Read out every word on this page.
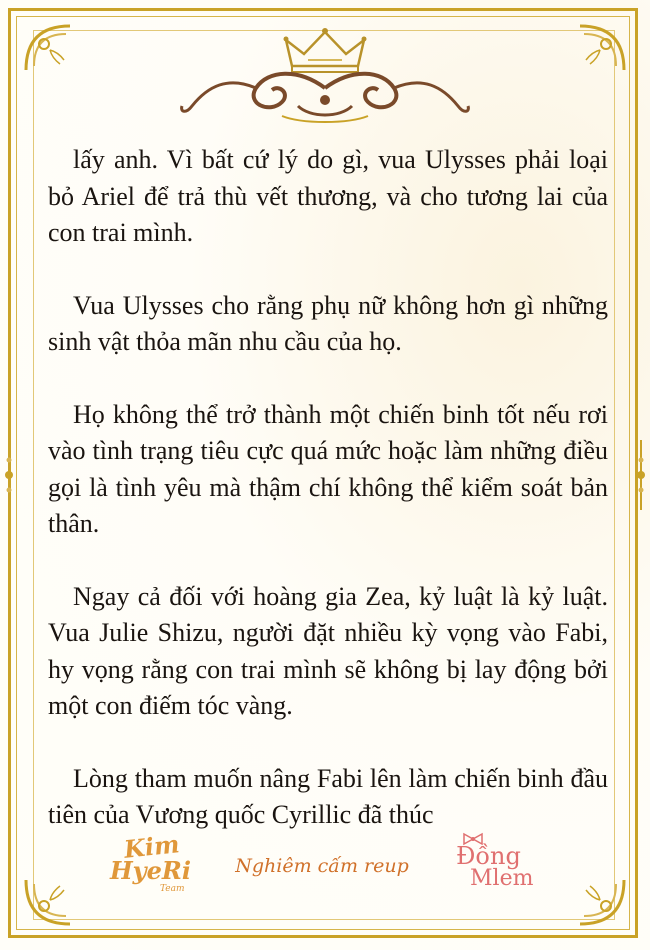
lấy anh. Vì bất cứ lý do gì, vua Ulysses phải loại bỏ Ariel để trả thù vết thương, và cho tương lai của con trai mình.

Vua Ulysses cho rằng phụ nữ không hơn gì những sinh vật thỏa mãn nhu cầu của họ.

Họ không thể trở thành một chiến binh tốt nếu rơi vào tình trạng tiêu cực quá mức hoặc làm những điều gọi là tình yêu mà thậm chí không thể kiểm soát bản thân.

Ngay cả đối với hoàng gia Zea, kỷ luật là kỷ luật. Vua Julie Shizu, người đặt nhiều kỳ vọng vào Fabi, hy vọng rằng con trai mình sẽ không bị lay động bởi một con điếm tóc vàng.

Lòng tham muốn nâng Fabi lên làm chiến binh đầu tiên của Vương quốc Cyrillic đã thúc

Kim
HyeRi
Team
Nghiêm cấm reup	Đồng
Mlem
